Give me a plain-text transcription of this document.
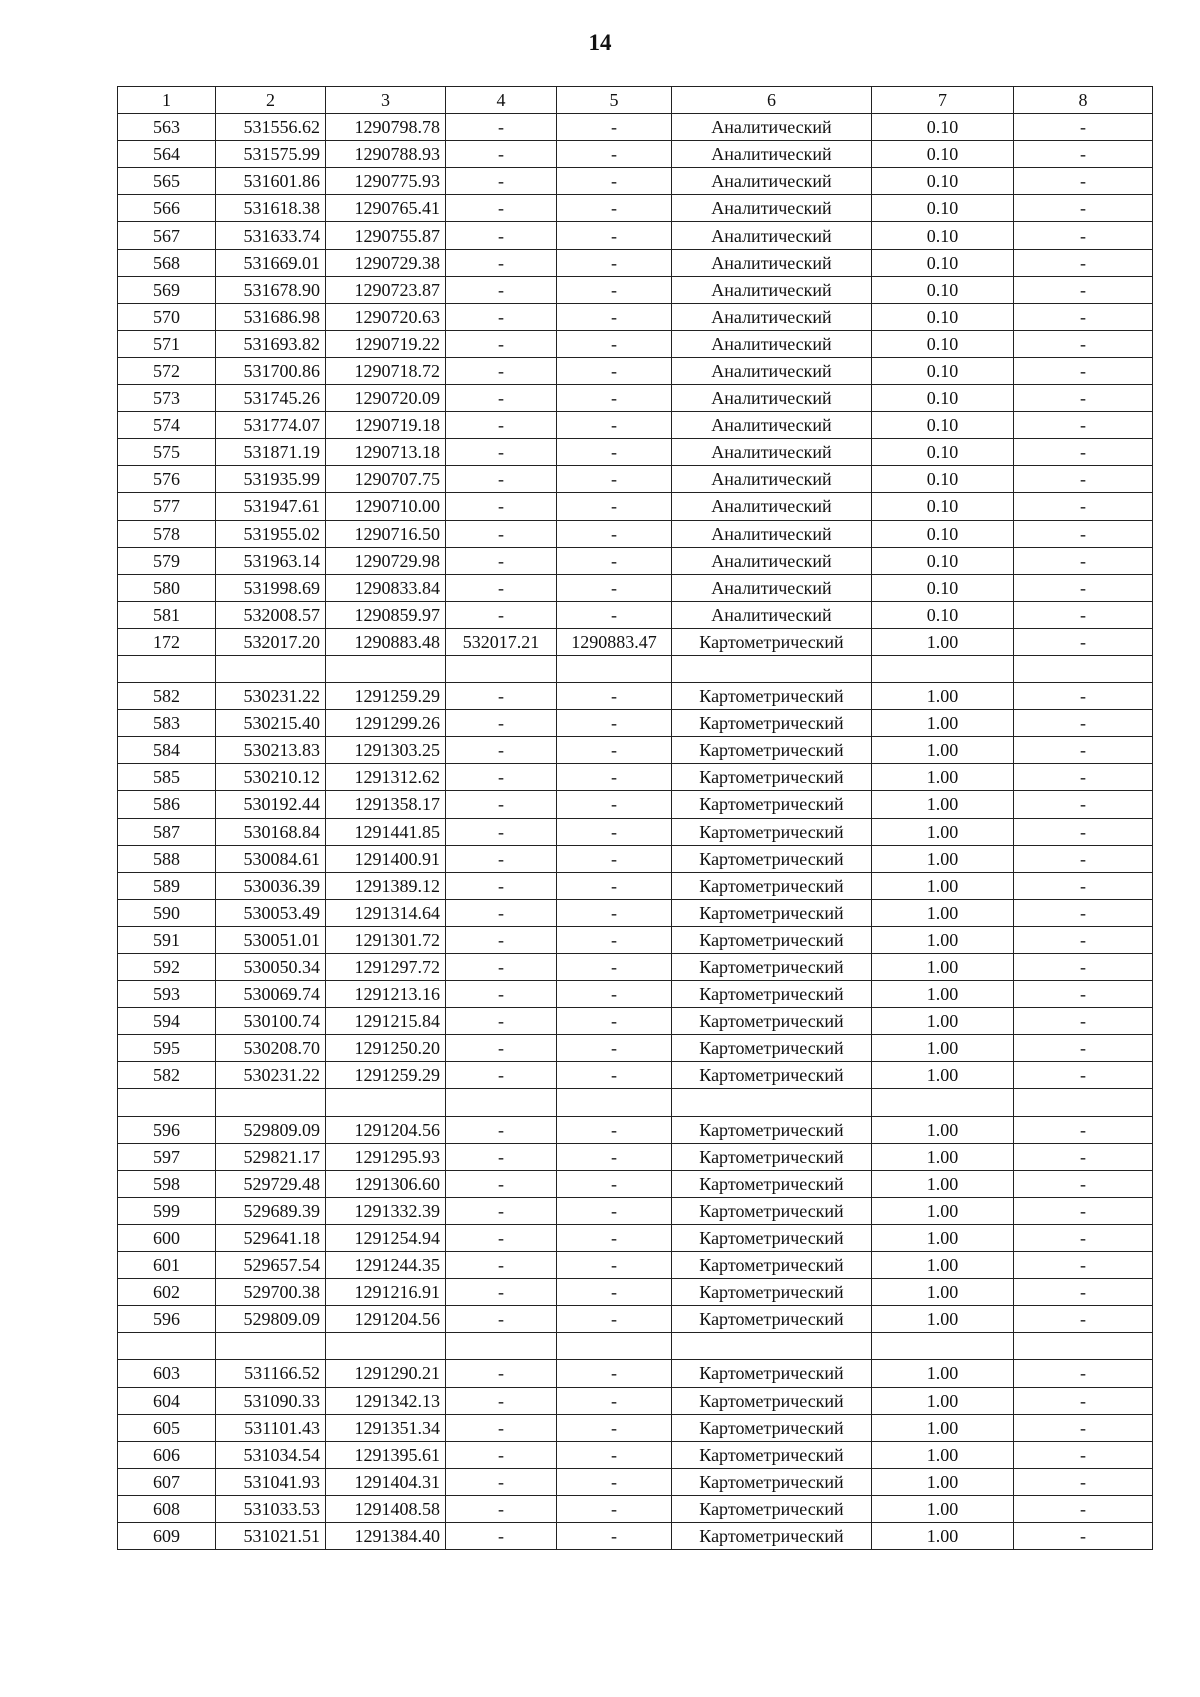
14
1	2	3	4	5	6	7	8
563	531556.62	1290798.78	-	-	Аналитический	0.10	-
564	531575.99	1290788.93	-	-	Аналитический	0.10	-
565	531601.86	1290775.93	-	-	Аналитический	0.10	-
566	531618.38	1290765.41	-	-	Аналитический	0.10	-
567	531633.74	1290755.87	-	-	Аналитический	0.10	-
568	531669.01	1290729.38	-	-	Аналитический	0.10	-
569	531678.90	1290723.87	-	-	Аналитический	0.10	-
570	531686.98	1290720.63	-	-	Аналитический	0.10	-
571	531693.82	1290719.22	-	-	Аналитический	0.10	-
572	531700.86	1290718.72	-	-	Аналитический	0.10	-
573	531745.26	1290720.09	-	-	Аналитический	0.10	-
574	531774.07	1290719.18	-	-	Аналитический	0.10	-
575	531871.19	1290713.18	-	-	Аналитический	0.10	-
576	531935.99	1290707.75	-	-	Аналитический	0.10	-
577	531947.61	1290710.00	-	-	Аналитический	0.10	-
578	531955.02	1290716.50	-	-	Аналитический	0.10	-
579	531963.14	1290729.98	-	-	Аналитический	0.10	-
580	531998.69	1290833.84	-	-	Аналитический	0.10	-
581	532008.57	1290859.97	-	-	Аналитический	0.10	-
172	532017.20	1290883.48	532017.21	1290883.47	Картометрический	1.00	-

582	530231.22	1291259.29	-	-	Картометрический	1.00	-
583	530215.40	1291299.26	-	-	Картометрический	1.00	-
584	530213.83	1291303.25	-	-	Картометрический	1.00	-
585	530210.12	1291312.62	-	-	Картометрический	1.00	-
586	530192.44	1291358.17	-	-	Картометрический	1.00	-
587	530168.84	1291441.85	-	-	Картометрический	1.00	-
588	530084.61	1291400.91	-	-	Картометрический	1.00	-
589	530036.39	1291389.12	-	-	Картометрический	1.00	-
590	530053.49	1291314.64	-	-	Картометрический	1.00	-
591	530051.01	1291301.72	-	-	Картометрический	1.00	-
592	530050.34	1291297.72	-	-	Картометрический	1.00	-
593	530069.74	1291213.16	-	-	Картометрический	1.00	-
594	530100.74	1291215.84	-	-	Картометрический	1.00	-
595	530208.70	1291250.20	-	-	Картометрический	1.00	-
582	530231.22	1291259.29	-	-	Картометрический	1.00	-

596	529809.09	1291204.56	-	-	Картометрический	1.00	-
597	529821.17	1291295.93	-	-	Картометрический	1.00	-
598	529729.48	1291306.60	-	-	Картометрический	1.00	-
599	529689.39	1291332.39	-	-	Картометрический	1.00	-
600	529641.18	1291254.94	-	-	Картометрический	1.00	-
601	529657.54	1291244.35	-	-	Картометрический	1.00	-
602	529700.38	1291216.91	-	-	Картометрический	1.00	-
596	529809.09	1291204.56	-	-	Картометрический	1.00	-

603	531166.52	1291290.21	-	-	Картометрический	1.00	-
604	531090.33	1291342.13	-	-	Картометрический	1.00	-
605	531101.43	1291351.34	-	-	Картометрический	1.00	-
606	531034.54	1291395.61	-	-	Картометрический	1.00	-
607	531041.93	1291404.31	-	-	Картометрический	1.00	-
608	531033.53	1291408.58	-	-	Картометрический	1.00	-
609	531021.51	1291384.40	-	-	Картометрический	1.00	-
